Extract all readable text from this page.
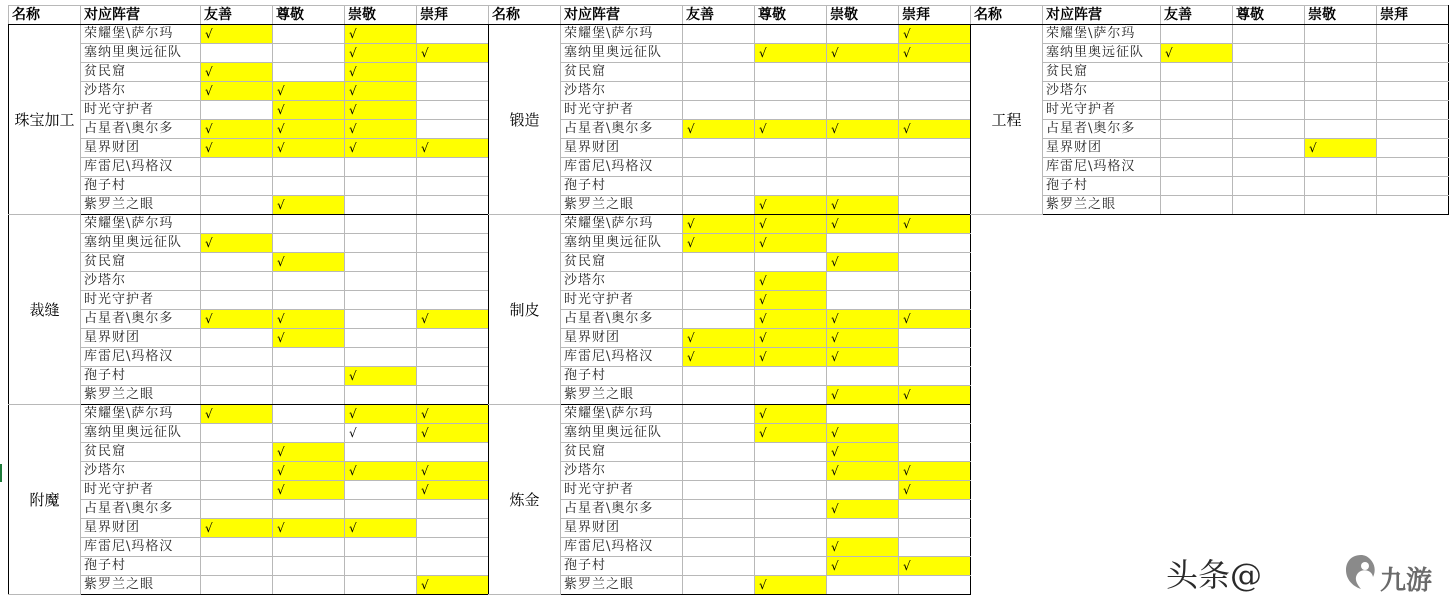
名称	对应阵营	友善	尊敬	崇敬	崇拜
珠宝加工	荣耀堡\萨尔玛	√		√	
	塞纳里奥远征队			√	√
	贫民窟	√		√	
	沙塔尔	√	√	√	
	时光守护者		√	√	
	占星者\奥尔多	√	√	√	
	星界财团	√	√	√	√
	库雷尼\玛格汉				
	孢子村				
	紫罗兰之眼		√		
裁缝	荣耀堡\萨尔玛				
	塞纳里奥远征队	√			
	贫民窟		√		
	沙塔尔				
	时光守护者				
	占星者\奥尔多	√	√		√
	星界财团		√		
	库雷尼\玛格汉				
	孢子村			√	
	紫罗兰之眼				
附魔	荣耀堡\萨尔玛	√		√	√
	塞纳里奥远征队			√	√
	贫民窟		√		
	沙塔尔		√	√	√
	时光守护者		√		√
	占星者\奥尔多				
	星界财团	√	√	√	
	库雷尼\玛格汉				
	孢子村				
	紫罗兰之眼				√
名称	对应阵营	友善	尊敬	崇敬	崇拜
锻造	荣耀堡\萨尔玛				√
	塞纳里奥远征队		√	√	√
	贫民窟				
	沙塔尔				
	时光守护者				
	占星者\奥尔多	√	√	√	√
	星界财团				
	库雷尼\玛格汉				
	孢子村				
	紫罗兰之眼		√	√	
制皮	荣耀堡\萨尔玛	√	√	√	√
	塞纳里奥远征队	√	√		
	贫民窟			√	
	沙塔尔		√		
	时光守护者		√		
	占星者\奥尔多		√	√	√
	星界财团	√	√	√	
	库雷尼\玛格汉	√	√	√	
	孢子村				
	紫罗兰之眼			√	√
炼金	荣耀堡\萨尔玛		√		
	塞纳里奥远征队		√	√	
	贫民窟			√	
	沙塔尔			√	√
	时光守护者				√
	占星者\奥尔多			√	
	星界财团				
	库雷尼\玛格汉			√	
	孢子村			√	√
	紫罗兰之眼		√		
名称	对应阵营	友善	尊敬	崇敬	崇拜
工程	荣耀堡\萨尔玛				
	塞纳里奥远征队	√			
	贫民窟				
	沙塔尔				
	时光守护者				
	占星者\奥尔多				
	星界财团			√	
	库雷尼\玛格汉				
	孢子村				
	紫罗兰之眼				
头条@	九游
